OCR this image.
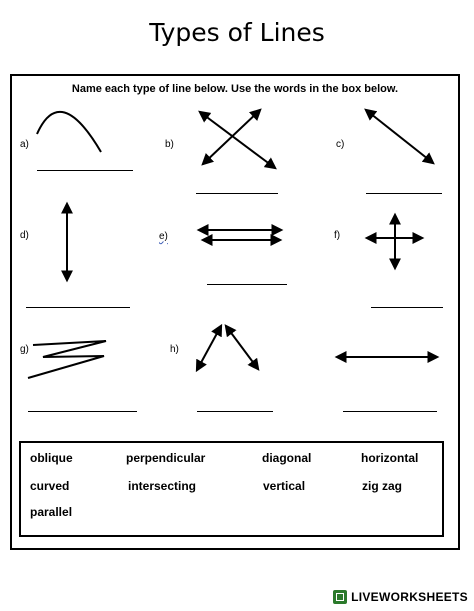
Types of Lines
Name each type of line below. Use the words in the box below.
a)	b)	c)
d)	e)	f)
g)	h)
oblique	perpendicular	diagonal	horizontal
curved	intersecting	vertical	zig zag
parallel
LIVEWORKSHEETS
